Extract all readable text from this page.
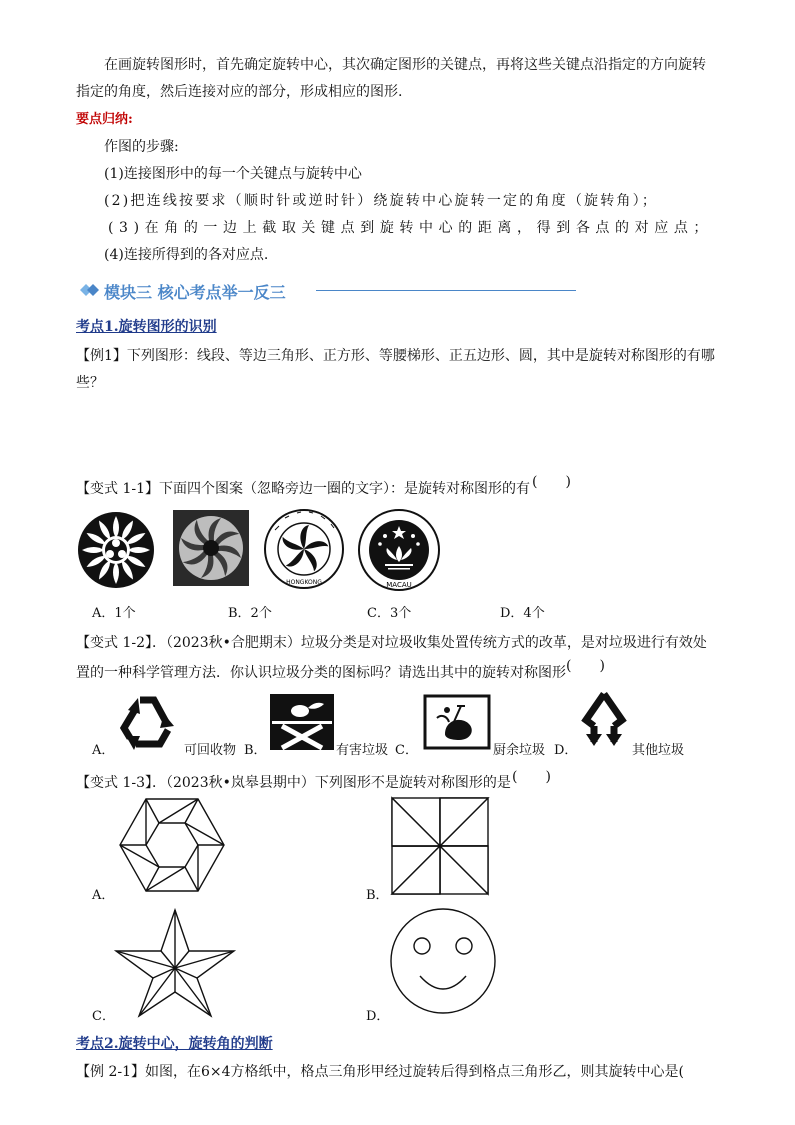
在画旋转图形时，首先确定旋转中心，其次确定图形的关键点，再将这些关键点沿指定的方向旋转
指定的角度，然后连接对应的部分，形成相应的图形.
要点归纳:
作图的步骤:
(1)连接图形中的每一个关键点与旋转中心
(2)把连线按要求（顺时针或逆时针）绕旋转中心旋转一定的角度（旋转角）；
(3)在角的一边上截取关键点到旋转中心的距离，得到各点的对应点；
(4)连接所得到的各对应点.
模块三 核心考点举一反三
考点1.旋转图形的识别
【例1】下列图形：线段、等边三角形、正方形、等腰梯形、正五边形、圆，其中是旋转对称图形的有哪
些？
【变式 1-1】下面四个图案（忽略旁边一圈的文字）：是旋转对称图形的有 (　　)
HONGKONG	MACAU
A．1个	B．2个	C．3个	D．4个
【变式 1-2】．（2023秋•合肥期末）垃圾分类是对垃圾收集处置传统方式的改革，是对垃圾进行有效处
置的一种科学管理方法．你认识垃圾分类的图标吗？请选出其中的旋转对称图形 (　　)
A．	可回收物 B．	有害垃圾 C．	厨余垃圾 D．	其他垃圾
【变式 1-3】．（2023秋•岚皋县期中）下列图形不是旋转对称图形的是 (　　)
A．	B．
C．	D．
考点2.旋转中心，旋转角的判断
【例 2-1】如图，在6×4方格纸中，格点三角形甲经过旋转后得到格点三角形乙，则其旋转中心是(
